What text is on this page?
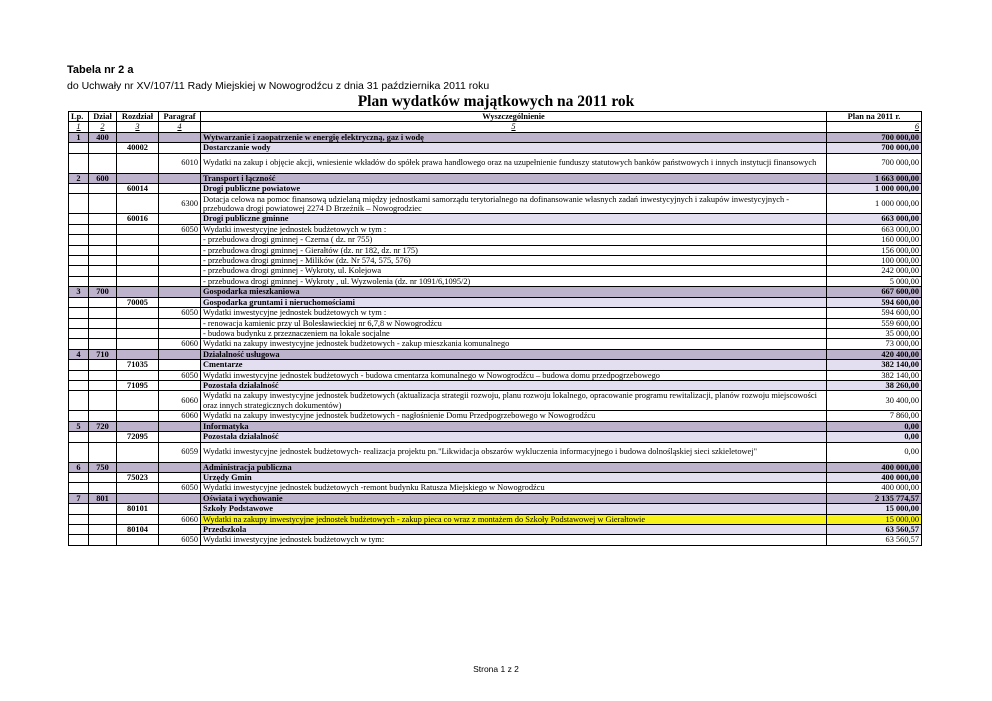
Tabela nr 2 a
do Uchwały nr XV/107/11 Rady Miejskiej w Nowogrodźcu z dnia 31 października 2011 roku
Plan wydatków majątkowych na 2011 rok
Lp.	Dział	Rozdział	Paragraf	Wyszczególnienie	Plan na 2011 r.
1	2	3	4	5	6
1	400			Wytwarzanie i zaopatrzenie w energię elektryczną, gaz i wodę	700 000,00
		40002		Dostarczanie wody	700 000,00
			6010	Wydatki na zakup i objęcie akcji, wniesienie wkładów do spółek prawa handlowego oraz na uzupełnienie funduszy statutowych banków państwowych i innych instytucji finansowych	700 000,00
2	600			Transport i łączność	1 663 000,00
		60014		Drogi publiczne powiatowe	1 000 000,00
			6300	Dotacja celowa na pomoc finansową udzielaną między jednostkami samorządu terytorialnego na dofinansowanie własnych zadań inwestycyjnych i zakupów inwestycyjnych - przebudowa drogi powiatowej 2274 D Brzeźnik – Nowogrodziec	1 000 000,00
		60016		Drogi publiczne gminne	663 000,00
			6050	Wydatki inwestycyjne jednostek budżetowych w tym :	663 000,00
				- przebudowa drogi gminnej - Czerna ( dz. nr 755)	160 000,00
				- przebudowa drogi gminnej - Gierałtów (dz. nr 182, dz. nr 175)	156 000,00
				- przebudowa drogi gminnej - Milików (dz. Nr 574, 575, 576)	100 000,00
				- przebudowa drogi gminnej - Wykroty, ul. Kolejowa	242 000,00
				- przebudowa drogi gminnej - Wykroty , ul. Wyzwolenia (dz. nr 1091/6,1095/2)	5 000,00
3	700			Gospodarka mieszkaniowa	667 600,00
		70005		Gospodarka gruntami i nieruchomościami	594 600,00
			6050	Wydatki inwestycyjne jednostek budżetowych w tym :	594 600,00
				- renowacja kamienic przy ul Bolesławieckiej nr 6,7,8 w Nowogrodźcu	559 600,00
				- budowa budynku z przeznaczeniem na lokale socjalne	35 000,00
			6060	Wydatki na zakupy inwestycyjne jednostek budżetowych - zakup mieszkania komunalnego	73 000,00
4	710			Działalność usługowa	420 400,00
		71035		Cmentarze	382 140,00
			6050	Wydatki inwestycyjne jednostek budżetowych - budowa cmentarza komunalnego w Nowogrodźcu – budowa domu przedpogrzebowego	382 140,00
		71095		Pozostała działalność	38 260,00
			6060	Wydatki na zakupy inwestycyjne jednostek budżetowych (aktualizacja strategii rozwoju, planu rozwoju lokalnego, opracowanie programu rewitalizacji, planów rozwoju miejscowości oraz innych strategicznych dokumentów)	30 400,00
			6060	Wydatki na zakupy inwestycyjne jednostek budżetowych - nagłośnienie Domu Przedpogrzebowego w Nowogrodźcu	7 860,00
5	720			Informatyka	0,00
		72095		Pozostała działalność	0,00
			6059	Wydatki inwestycyjne jednostek budżetowych- realizacja projektu pn."Likwidacja obszarów wykluczenia informacyjnego i budowa dolnośląskiej sieci szkieletowej"	0,00
6	750			Administracja publiczna	400 000,00
		75023		Urzędy Gmin	400 000,00
			6050	Wydatki inwestycyjne jednostek budżetowych -remont budynku Ratusza Miejskiego w Nowogrodźcu	400 000,00
7	801			Oświata i wychowanie	2 135 774,57
		80101		Szkoły Podstawowe	15 000,00
			6060	Wydatki na zakupy inwestycyjne jednostek budżetowych - zakup pieca co wraz z montażem do Szkoły Podstawowej w Gierałtowie	15 000,00
		80104		Przedszkola	63 560,57
			6050	Wydatki inwestycyjne jednostek budżetowych w tym:	63 560,57
Strona 1 z 2
